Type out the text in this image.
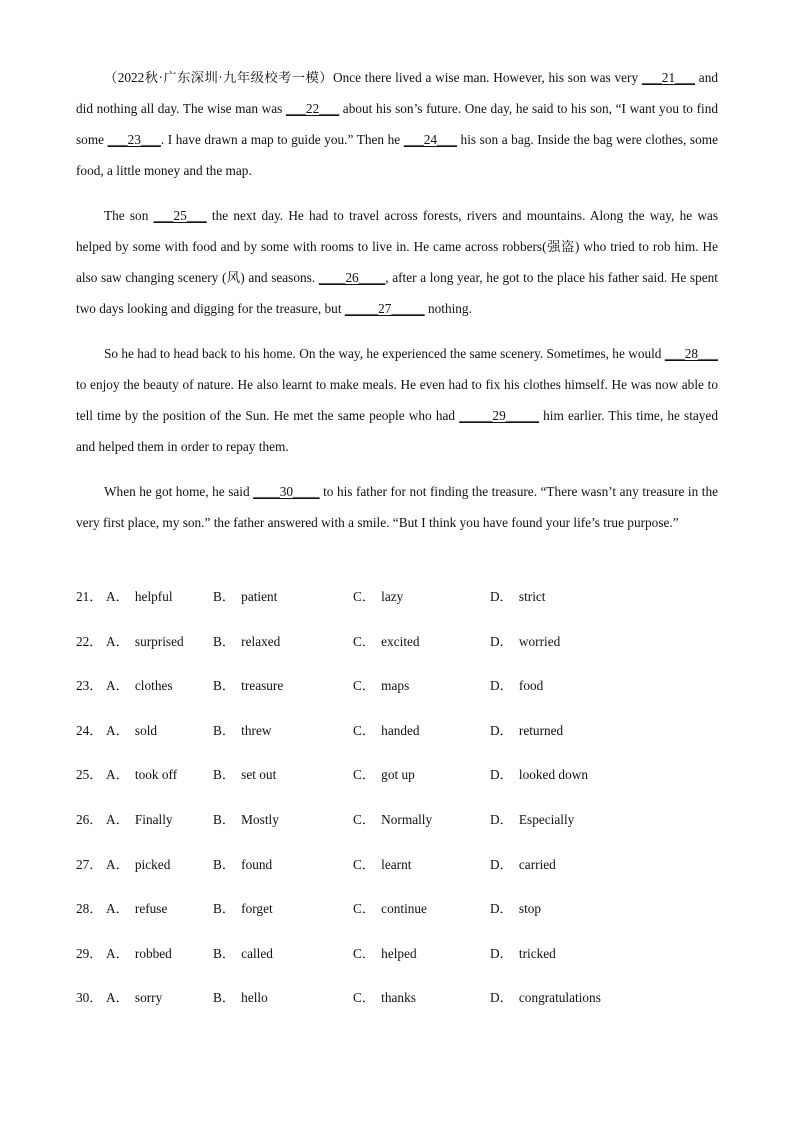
（2022秋·广东深圳·九年级校考一模）Once there lived a wise man. However, his son was very ___21___ and did nothing all day. The wise man was ___22___ about his son’s future. One day, he said to his son, “I want you to find some ___23___. I have drawn a map to guide you.” Then he ___24___ his son a bag. Inside the bag were clothes, some food, a little money and the map.

The son ___25___ the next day. He had to travel across forests, rivers and mountains. Along the way, he was helped by some with food and by some with rooms to live in. He came across robbers(强盗) who tried to rob him. He also saw changing scenery (风) and seasons. ____26____, after a long year, he got to the place his father said. He spent two days looking and digging for the treasure, but _____27_____ nothing.

So he had to head back to his home. On the way, he experienced the same scenery. Sometimes, he would ___28___ to enjoy the beauty of nature. He also learnt to make meals. He even had to fix his clothes himself. He was now able to tell time by the position of the Sun. He met the same people who had _____29_____ him earlier. This time, he stayed and helped them in order to repay them.

When he got home, he said ____30____ to his father for not finding the treasure. “There wasn’t any treasure in the very first place, my son.” the father answered with a smile. “But I think you have found your life’s true purpose.”

21． A． helpful	B． patient	C． lazy	D． strict
22． A． surprised B． relaxed	C． excited	D． worried
23． A． clothes	B． treasure	C． maps	D． food
24． A． sold	B． threw	C． handed	D． returned
25． A． took off	B． set out	C． got up	D． looked down
26． A． Finally	B． Mostly	C． Normally	D． Especially
27． A． picked	B． found	C． learnt	D． carried
28． A． refuse	B． forget	C． continue	D． stop
29． A． robbed	B． called	C． helped	D． tricked
30． A． sorry	B． hello	C． thanks	D． congratulations
